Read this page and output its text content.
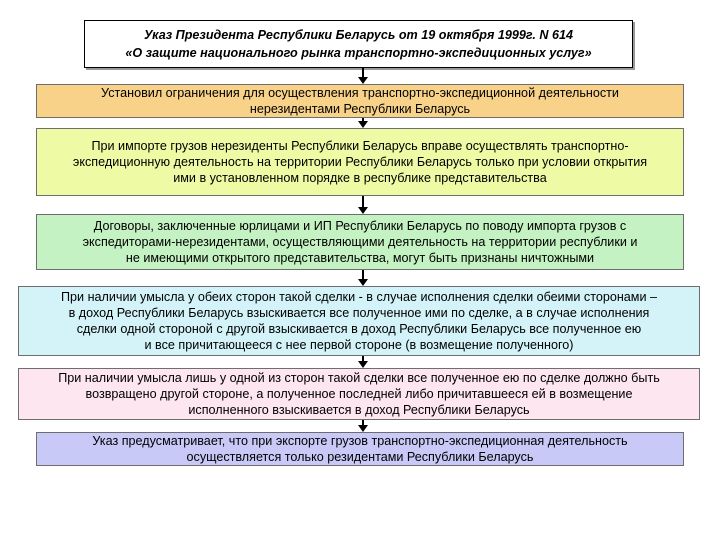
Указ Президента Республики Беларусь от 19 октября 1999г. N 614
«О защите национального рынка транспортно-экспедиционных услуг»
Установил ограничения для осуществления транспортно-экспедиционной деятельности
нерезидентами Республики Беларусь
При импорте грузов нерезиденты Республики Беларусь вправе осуществлять транспортно-
экспедиционную деятельность на территории Республики Беларусь только при условии открытия
ими в установленном порядке в республике представительства
Договоры, заключенные юрлицами и ИП Республики Беларусь по поводу импорта грузов с
экспедиторами-нерезидентами, осуществляющими деятельность на территории республики и
не имеющими открытого представительства, могут быть признаны ничтожными
При наличии умысла у обеих сторон такой сделки - в случае исполнения сделки обеими сторонами –
в доход Республики Беларусь взыскивается все полученное ими по сделке, а в случае исполнения
сделки одной стороной с другой взыскивается в доход Республики Беларусь все полученное ею
и все причитающееся с нее первой стороне (в возмещение полученного)
При наличии умысла лишь у одной из сторон такой сделки все полученное ею по сделке должно быть
возвращено другой стороне, а полученное последней либо причитавшееся ей в возмещение
исполненного взыскивается в доход Республики Беларусь
Указ предусматривает, что при экспорте грузов транспортно-экспедиционная деятельность
осуществляется только резидентами Республики Беларусь
